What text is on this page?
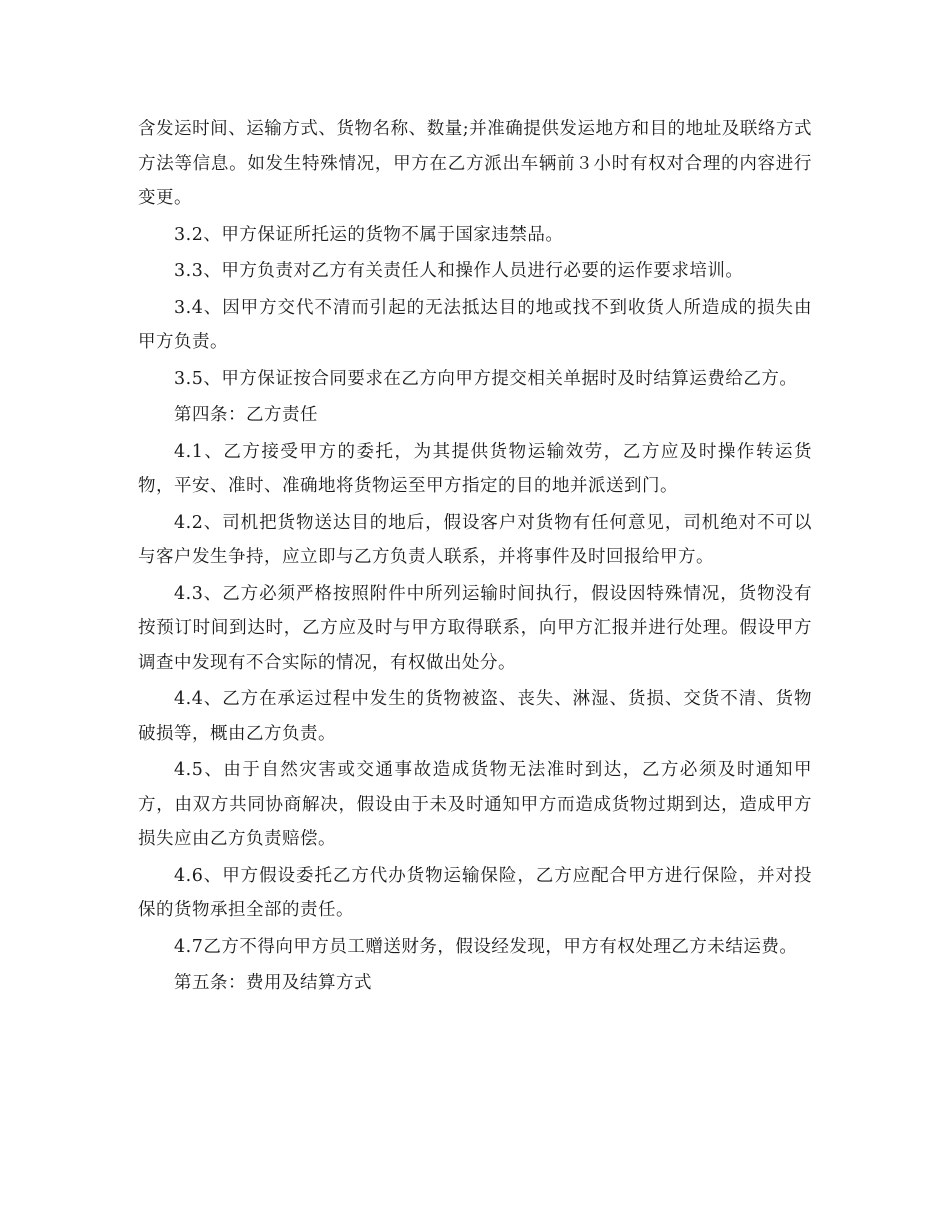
含发运时间、运输方式、货物名称、数量;并准确提供发运地方和目的地址及联络方式方法等信息。如发生特殊情况，甲方在乙方派出车辆前３小时有权对合理的内容进行变更。

3.2、甲方保证所托运的货物不属于国家违禁品。

3.3、甲方负责对乙方有关责任人和操作人员进行必要的运作要求培训。

3.4、因甲方交代不清而引起的无法抵达目的地或找不到收货人所造成的损失由甲方负责。

3.5、甲方保证按合同要求在乙方向甲方提交相关单据时及时结算运费给乙方。

第四条：乙方责任

4.1、乙方接受甲方的委托，为其提供货物运输效劳，乙方应及时操作转运货物，平安、准时、准确地将货物运至甲方指定的目的地并派送到门。

4.2、司机把货物送达目的地后，假设客户对货物有任何意见，司机绝对不可以与客户发生争持，应立即与乙方负责人联系，并将事件及时回报给甲方。

4.3、乙方必须严格按照附件中所列运输时间执行，假设因特殊情况，货物没有按预订时间到达时，乙方应及时与甲方取得联系，向甲方汇报并进行处理。假设甲方调查中发现有不合实际的情况，有权做出处分。

4.4、乙方在承运过程中发生的货物被盗、丧失、淋湿、货损、交货不清、货物破损等，概由乙方负责。

4.5、由于自然灾害或交通事故造成货物无法准时到达，乙方必须及时通知甲方，由双方共同协商解决，假设由于未及时通知甲方而造成货物过期到达，造成甲方损失应由乙方负责赔偿。

4.6、甲方假设委托乙方代办货物运输保险，乙方应配合甲方进行保险，并对投保的货物承担全部的责任。

4.7乙方不得向甲方员工赠送财务，假设经发现，甲方有权处理乙方未结运费。

第五条：费用及结算方式
